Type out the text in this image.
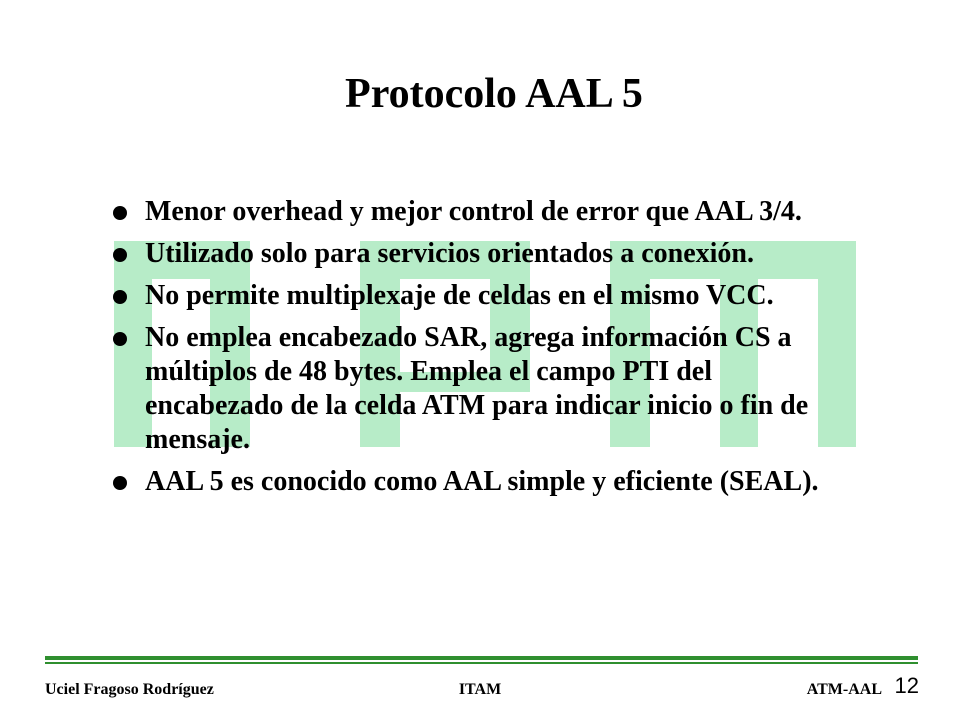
Protocolo AAL 5
Menor overhead y mejor control de error que AAL 3/4.
Utilizado solo para servicios orientados a conexión.
No permite multiplexaje de celdas en el mismo VCC.
No emplea encabezado SAR, agrega información CS a múltiplos de 48 bytes. Emplea el campo PTI del encabezado de la celda ATM para indicar inicio o fin de mensaje.
AAL 5 es conocido como AAL simple y eficiente (SEAL).
Uciel Fragoso Rodríguez	ITAM	ATM-AAL 12
